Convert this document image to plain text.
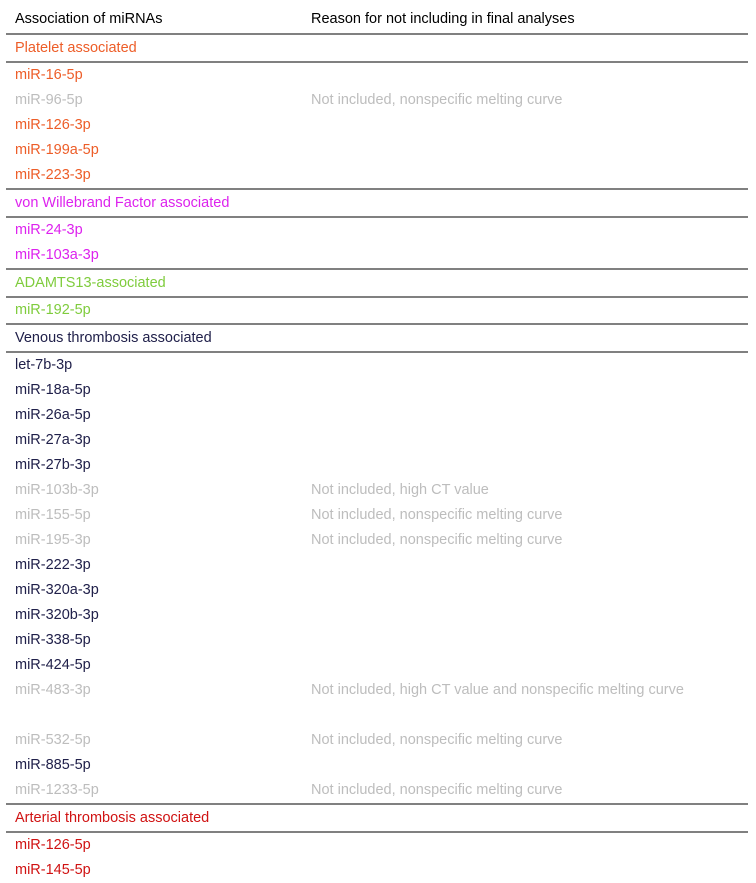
Association of miRNAs	Reason for not including in final analyses

Platelet associated	

miR-16-5p	

miR-96-5p	Not included, nonspecific melting curve

miR-126-3p	

miR-199a-5p	

miR-223-3p	

von Willebrand Factor associated	

miR-24-3p	

miR-103a-3p	

ADAMTS13-associated	

miR-192-5p	

Venous thrombosis associated	

let-7b-3p	

miR-18a-5p	

miR-26a-5p	

miR-27a-3p	

miR-27b-3p	

miR-103b-3p	Not included, high CT value

miR-155-5p	Not included, nonspecific melting curve

miR-195-3p	Not included, nonspecific melting curve

miR-222-3p	

miR-320a-3p	

miR-320b-3p	

miR-338-5p	

miR-424-5p	

miR-483-3p	Not included, high CT value and nonspecific melting curve

miR-532-5p	Not included, nonspecific melting curve

miR-885-5p	

miR-1233-5p	Not included, nonspecific melting curve

Arterial thrombosis associated	

miR-126-5p	

miR-145-5p	
